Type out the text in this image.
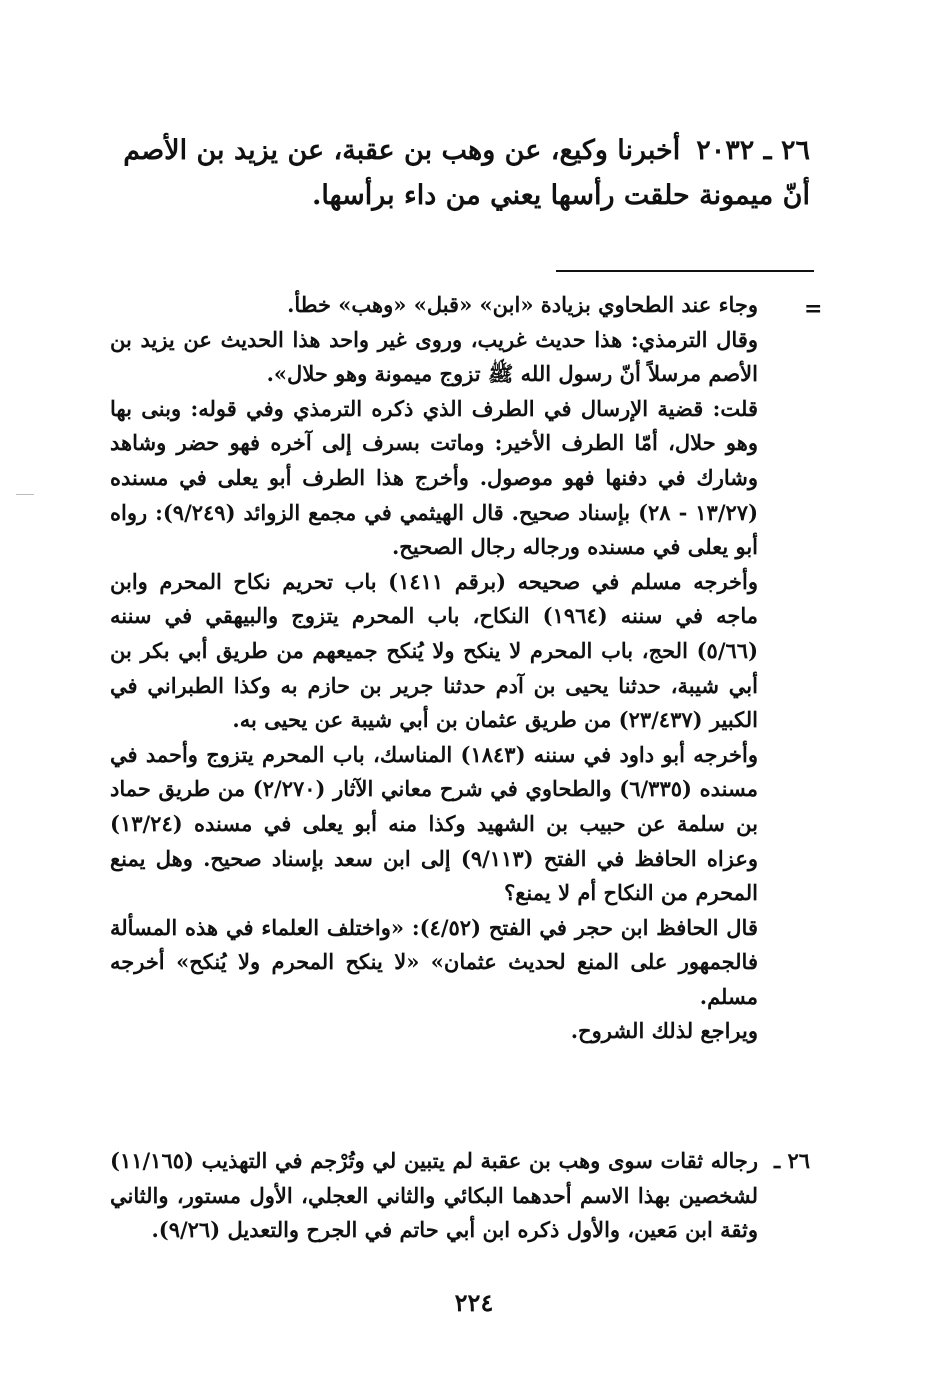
٢٦ ـ ٢٠٣٢أخبرنا وكيع، عن وهب بن عقبة، عن يزيد بن الأصم

أنّ ميمونة حلقت رأسها يعني من داء برأسها.

=

وجاء عند الطحاوي بزيادة «ابن» «قبل» «وهب» خطأ.

وقال الترمذي: هذا حديث غريب، وروى غير واحد هذا الحديث عن يزيد بن الأصم مرسلاً أنّ رسول الله ﷺ تزوج ميمونة وهو حلال».

قلت: قضية الإرسال في الطرف الذي ذكره الترمذي وفي قوله: وبنى بها وهو حلال، أمّا الطرف الأخير: وماتت بسرف إلى آخره فهو حضر وشاهد وشارك في دفنها فهو موصول. وأخرج هذا الطرف أبو يعلى في مسنده (١٣/٢٧ - ٢٨) بإسناد صحيح. قال الهيثمي في مجمع الزوائد (٩/٢٤٩): رواه أبو يعلى في مسنده ورجاله رجال الصحيح.

وأخرجه مسلم في صحيحه (برقم ١٤١١) باب تحريم نكاح المحرم وابن ماجه في سننه (١٩٦٤) النكاح، باب المحرم يتزوج والبيهقي في سننه (٥/٦٦) الحج، باب المحرم لا ينكح ولا يُنكح جميعهم من طريق أبي بكر بن أبي شيبة، حدثنا يحيى بن آدم حدثنا جرير بن حازم به وكذا الطبراني في الكبير (٢٣/٤٣٧) من طريق عثمان بن أبي شيبة عن يحيى به.

وأخرجه أبو داود في سننه (١٨٤٣) المناسك، باب المحرم يتزوج وأحمد في مسنده (٦/٣٣٥) والطحاوي في شرح معاني الآثار (٢/٢٧٠) من طريق حماد بن سلمة عن حبيب بن الشهيد وكذا منه أبو يعلى في مسنده (١٣/٢٤) وعزاه الحافظ في الفتح (٩/١١٣) إلى ابن سعد بإسناد صحيح. وهل يمنع المحرم من النكاح أم لا يمنع؟

قال الحافظ ابن حجر في الفتح (٤/٥٢): «واختلف العلماء في هذه المسألة فالجمهور على المنع لحديث عثمان» «لا ينكح المحرم ولا يُنكح» أخرجه مسلم.

ويراجع لذلك الشروح.

٢٦ ـ
رجاله ثقات سوى وهب بن عقبة لم يتبين لي وتُرْجم في التهذيب (١١/١٦٥) لشخصين بهذا الاسم أحدهما البكائي والثاني العجلي، الأول مستور، والثاني وثقة ابن مَعين، والأول ذكره ابن أبي حاتم في الجرح والتعديل (٩/٢٦).
٢٢٤
